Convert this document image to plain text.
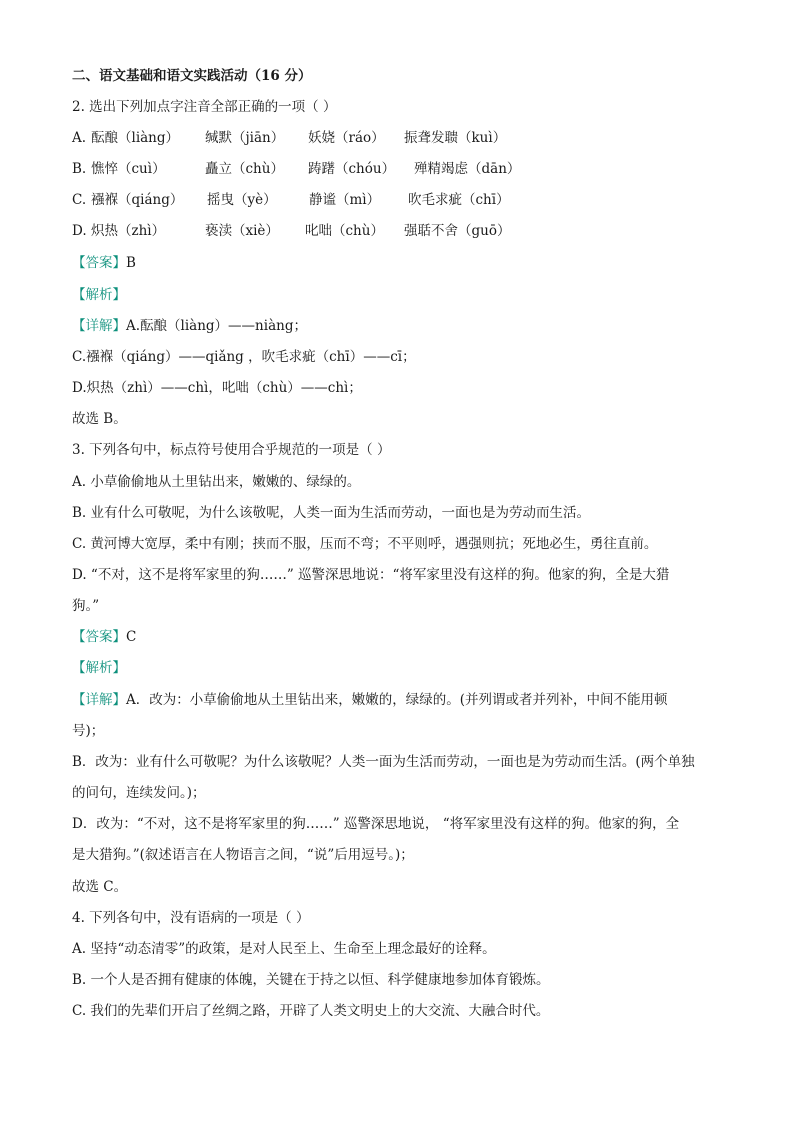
二、语文基础和语文实践活动（16 分）
2. 选出下列加点字注音全部正确的一项（ ）
A. 酝酿（liàng） 缄默（jiān） 妖娆（ráo） 振聋发聩（kuì）
B. 憔悴（cuì）	矗立（chù） 踌躇（chóu） 殚精竭虑（dān）
C. 襁褓（qiáng） 摇曳（yè） 静谧（mì） 吹毛求疵（chī）
D. 炽热（zhì）	亵渎（xiè） 叱咄（chù） 强聒不舍（guō）
【答案】B
【解析】
【详解】A.酝酿（liàng）——niàng；
C.襁褓（qiáng）——qiǎng ，吹毛求疵（chī）——cī；
D.炽热（zhì）——chì，叱咄（chù）——chì；
故选 B。
3. 下列各句中，标点符号使用合乎规范的一项是（ ）
A. 小草偷偷地从土里钻出来，嫩嫩的、绿绿的。
B. 业有什么可敬呢，为什么该敬呢，人类一面为生活而劳动，一面也是为劳动而生活。
C. 黄河博大宽厚，柔中有刚；挟而不服，压而不弯；不平则呼，遇强则抗；死地必生，勇往直前。
D. “不对，这不是将军家里的狗……” 巡警深思地说：“将军家里没有这样的狗。他家的狗，全是大猎
狗。”
【答案】C
【解析】
【详解】A．改为：小草偷偷地从土里钻出来，嫩嫩的，绿绿的。(并列谓或者并列补，中间不能用顿
号)；
B．改为：业有什么可敬呢？为什么该敬呢？人类一面为生活而劳动，一面也是为劳动而生活。(两个单独
的问句，连续发问。)；
D．改为：“不对，这不是将军家里的狗……” 巡警深思地说， “将军家里没有这样的狗。他家的狗，全
是大猎狗。”(叙述语言在人物语言之间，“说”后用逗号。)；
故选 C。
4. 下列各句中，没有语病的一项是（ ）
A. 坚持“动态清零”的政策，是对人民至上、生命至上理念最好的诠释。
B. 一个人是否拥有健康的体魄，关键在于持之以恒、科学健康地参加体育锻炼。
C. 我们的先辈们开启了丝绸之路，开辟了人类文明史上的大交流、大融合时代。
